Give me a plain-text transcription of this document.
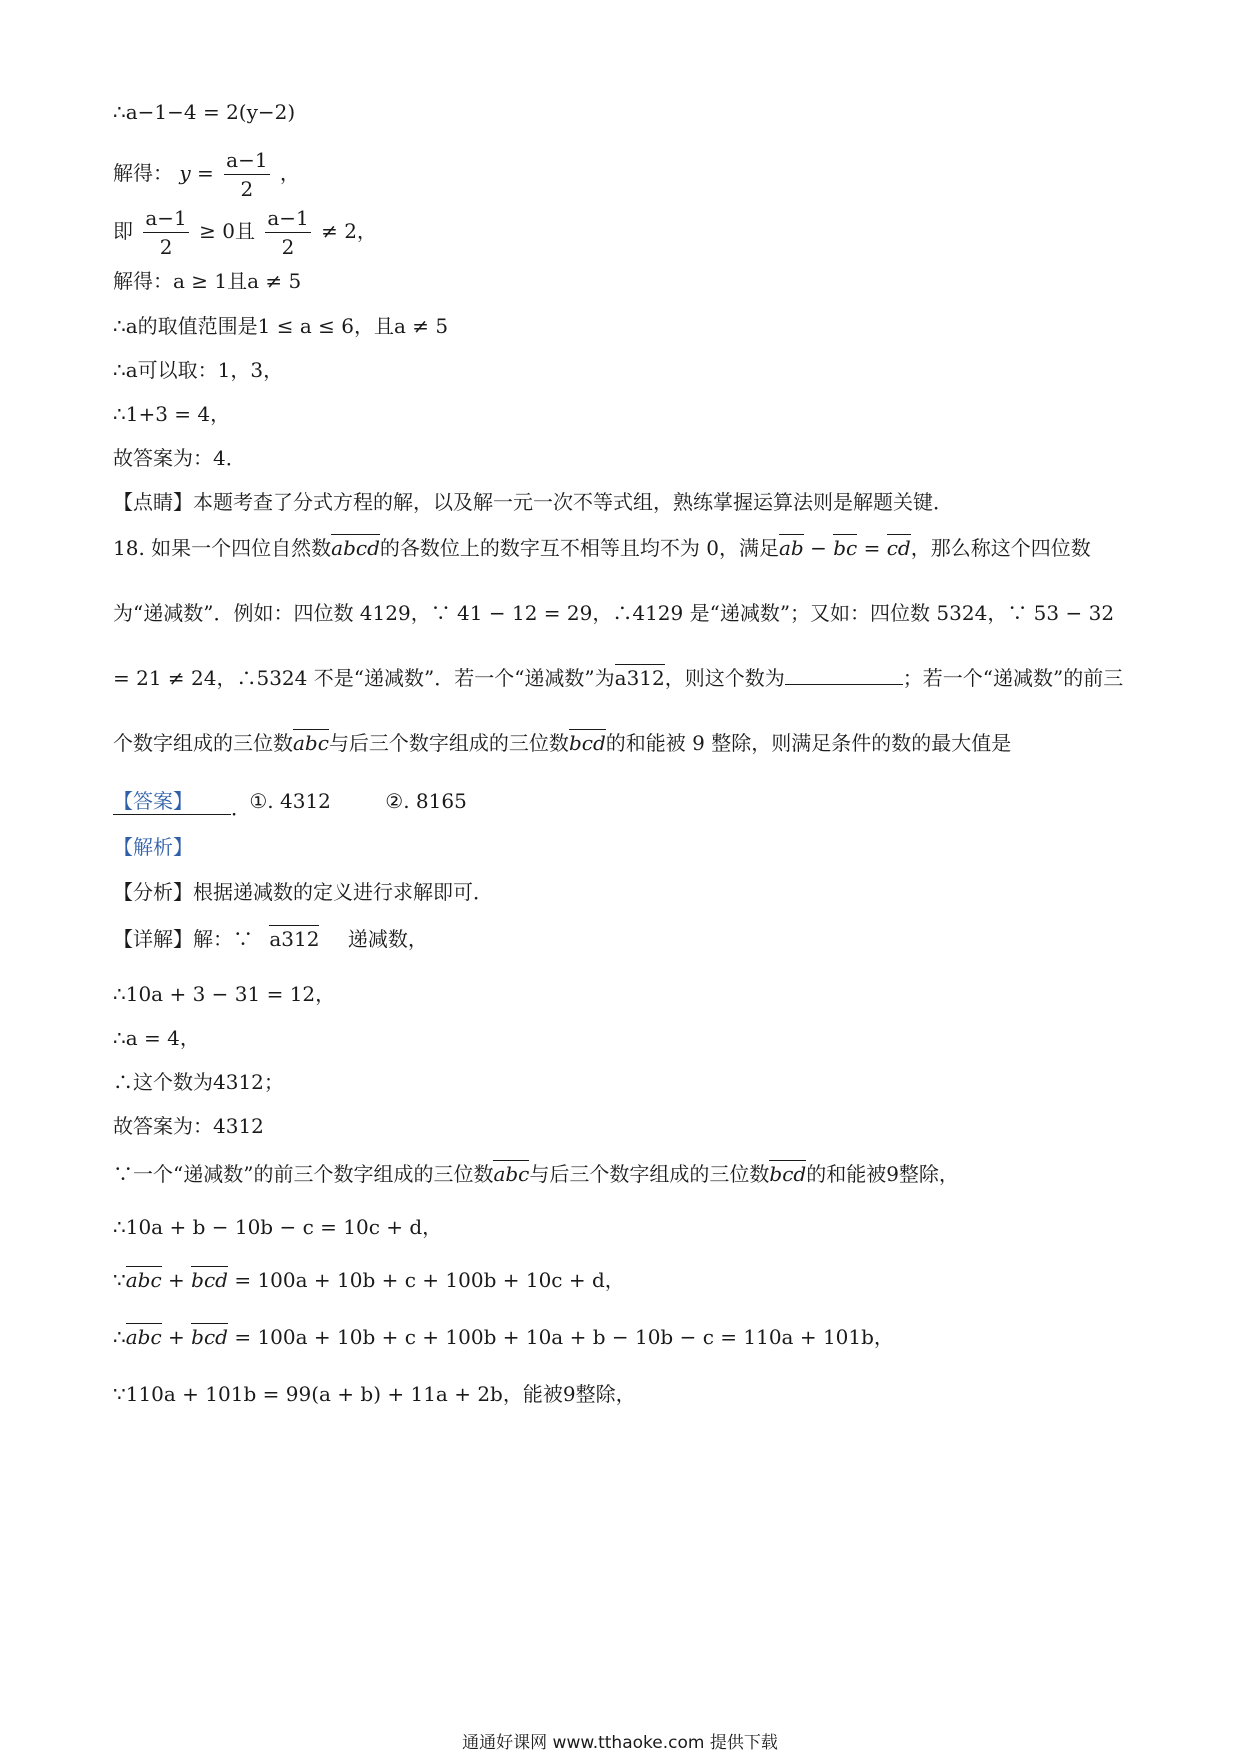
∴a−1−4 = 2(y−2)
解得： $y = \frac{a-1}{2}$ ，
即 $\frac{a-1}{2} \ge 0$且 $\frac{a-1}{2} \ne 2$，
解得：a ≥ 1且a ≠ 5
∴a的取值范围是1 ≤ a ≤ 6，且a ≠ 5
∴a可以取：1，3，
∴1+3 = 4，
故答案为：4．
【点睛】本题考查了分式方程的解，以及解一元一次不等式组，熟练掌握运算法则是解题关键．
18. 如果一个四位自然数abcd的各数位上的数字互不相等且均不为 0，满足ab − bc = cd，那么称这个四位数为“递减数”．例如：四位数 4129，∵ 41 − 12 = 29，∴4129 是“递减数”；又如：四位数 5324，∵ 53 − 32 = 21 ≠ 24，∴5324 不是“递减数”．若一个“递减数”为a312，则这个数为	；若一个“递减数”的前三个数字组成的三位数abc与后三个数字组成的三位数bcd的和能被 9 整除，则满足条件的数的最大值是．
【答案】	①. 4312	②. 8165
【解析】
【分析】根据递减数的定义进行求解即可．
【详解】解：∵ a312 递减数，
∴10a + 3 − 31 = 12，
∴a = 4，
∴这个数为4312；
故答案为：4312
∵一个“递减数”的前三个数字组成的三位数abc与后三个数字组成的三位数bcd的和能被9整除，
∴10a + b − 10b − c = 10c + d，
∵abc + bcd = 100a + 10b + c + 100b + 10c + d，
∴abc + bcd = 100a + 10b + c + 100b + 10a + b − 10b − c = 110a + 101b，
∵110a + 101b = 99(a + b) + 11a + 2b，能被9整除，
通通好课网 www.tthaoke.com 提供下载
